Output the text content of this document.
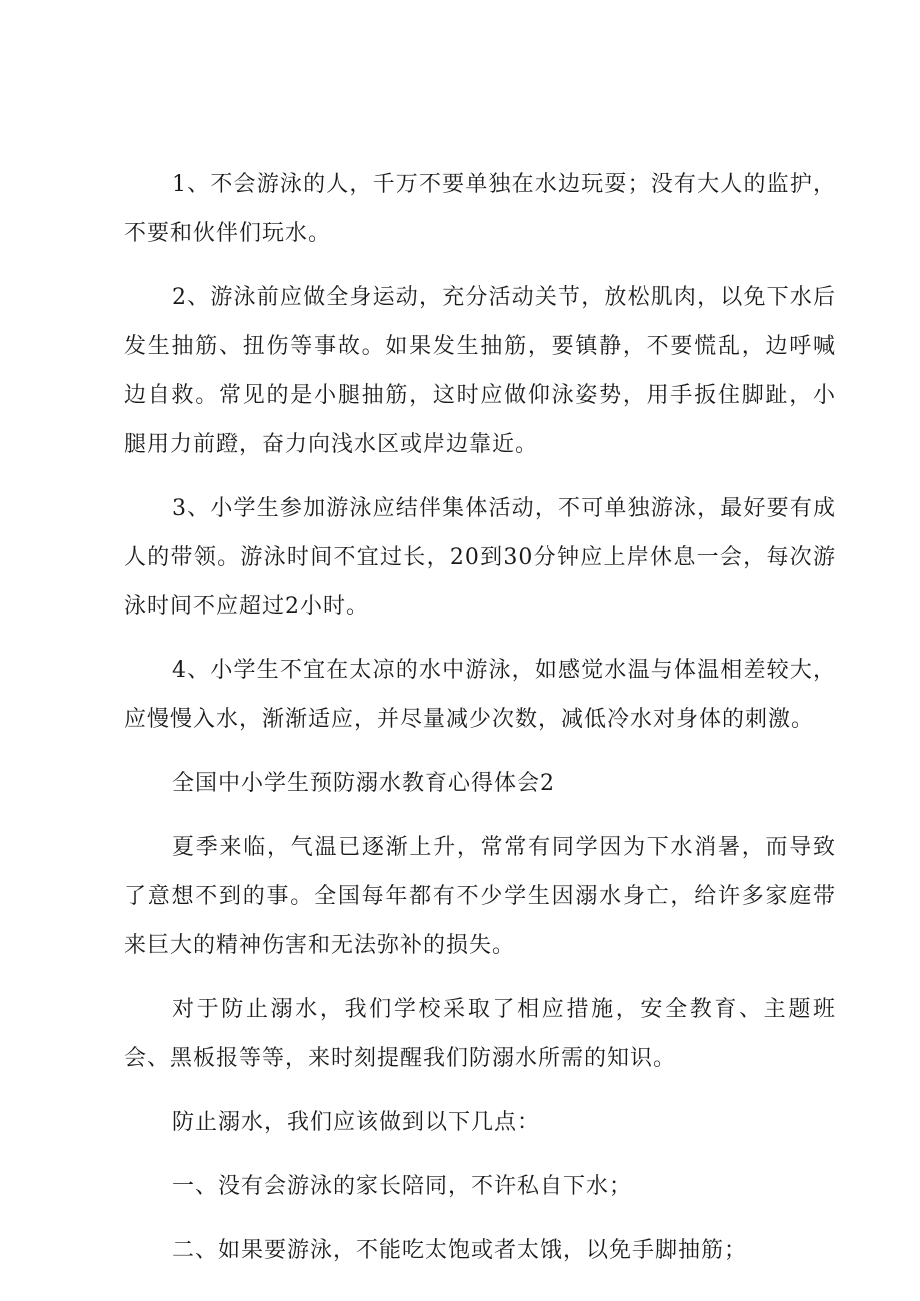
1、不会游泳的人，千万不要单独在水边玩耍；没有大人的监护，不要和伙伴们玩水。

2、游泳前应做全身运动，充分活动关节，放松肌肉，以免下水后发生抽筋、扭伤等事故。如果发生抽筋，要镇静，不要慌乱，边呼喊边自救。常见的是小腿抽筋，这时应做仰泳姿势，用手扳住脚趾，小腿用力前蹬，奋力向浅水区或岸边靠近。

3、小学生参加游泳应结伴集体活动，不可单独游泳，最好要有成人的带领。游泳时间不宜过长，20到30分钟应上岸休息一会，每次游泳时间不应超过2小时。

4、小学生不宜在太凉的水中游泳，如感觉水温与体温相差较大，应慢慢入水，渐渐适应，并尽量减少次数，减低冷水对身体的刺激。

全国中小学生预防溺水教育心得体会2

夏季来临，气温已逐渐上升，常常有同学因为下水消暑，而导致了意想不到的事。全国每年都有不少学生因溺水身亡，给许多家庭带来巨大的精神伤害和无法弥补的损失。

对于防止溺水，我们学校采取了相应措施，安全教育、主题班会、黑板报等等，来时刻提醒我们防溺水所需的知识。

防止溺水，我们应该做到以下几点：

一、没有会游泳的家长陪同，不许私自下水；

二、如果要游泳，不能吃太饱或者太饿，以免手脚抽筋；
